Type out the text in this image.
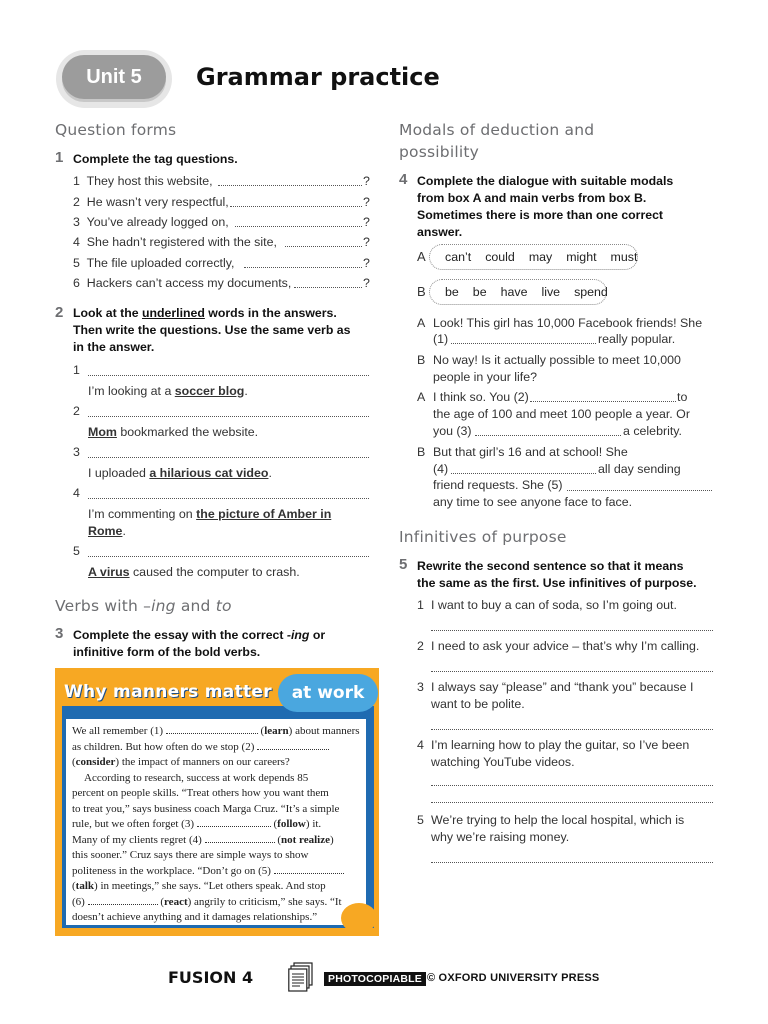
Unit 5	Grammar practice
Question forms
1 Complete the tag questions.
1 They host this website,	?
2 He wasn’t very respectful,	?
3 You’ve already logged on,	?
4 She hadn’t registered with the site,	?
5 The file uploaded correctly,	?
6 Hackers can’t access my documents,	?
2 Look at the underlined words in the answers.
Then write the questions. Use the same verb as
in the answer.
1
I’m looking at a soccer blog.
2
Mom bookmarked the website.
3
I uploaded a hilarious cat video.
4
I’m commenting on the picture of Amber in
Rome.
5
A virus caused the computer to crash.
Verbs with –ing and to
3 Complete the essay with the correct -ing or
infinitive form of the bold verbs.
Why manners matter	at work
We all remember (1)	(learn) about manners
as children. But how often do we stop (2)
(consider) the impact of manners on our careers?
According to research, success at work depends 85
percent on people skills. “Treat others how you want them
to treat you,” says business coach Marga Cruz. “It’s a simple
rule, but we often forget (3)	(follow) it.
Many of my clients regret (4)	(not realize)
this sooner.” Cruz says there are simple ways to show
politeness in the workplace. “Don’t go on (5)
(talk) in meetings,” she says. “Let others speak. And stop
(6)	(react) angrily to criticism,” she says. “It
doesn’t achieve anything and it damages relationships.”
Modals of deduction and
possibility
4 Complete the dialogue with suitable modals
from box A and main verbs from box B.
Sometimes there is more than one correct
answer.
A can’t could may might must
B be be have live spend
A Look! This girl has 10,000 Facebook friends! She
(1)	really popular.
B No way! Is it actually possible to meet 10,000
people in your life?
A I think so. You (2)	to
the age of 100 and meet 100 people a year. Or
you (3)	a celebrity.
B But that girl’s 16 and at school! She
(4)	all day sending
friend requests. She (5)
any time to see anyone face to face.
Infinitives of purpose
5 Rewrite the second sentence so that it means
the same as the first. Use infinitives of purpose.
1 I want to buy a can of soda, so I’m going out.
2 I need to ask your advice – that’s why I’m calling.
3 I always say “please” and “thank you” because I
want to be polite.
4 I’m learning how to play the guitar, so I’ve been
watching YouTube videos.
5 We’re trying to help the local hospital, which is
why we’re raising money.
FUSION 4	PHOTOCOPIABLE © OXFORD UNIVERSITY PRESS
